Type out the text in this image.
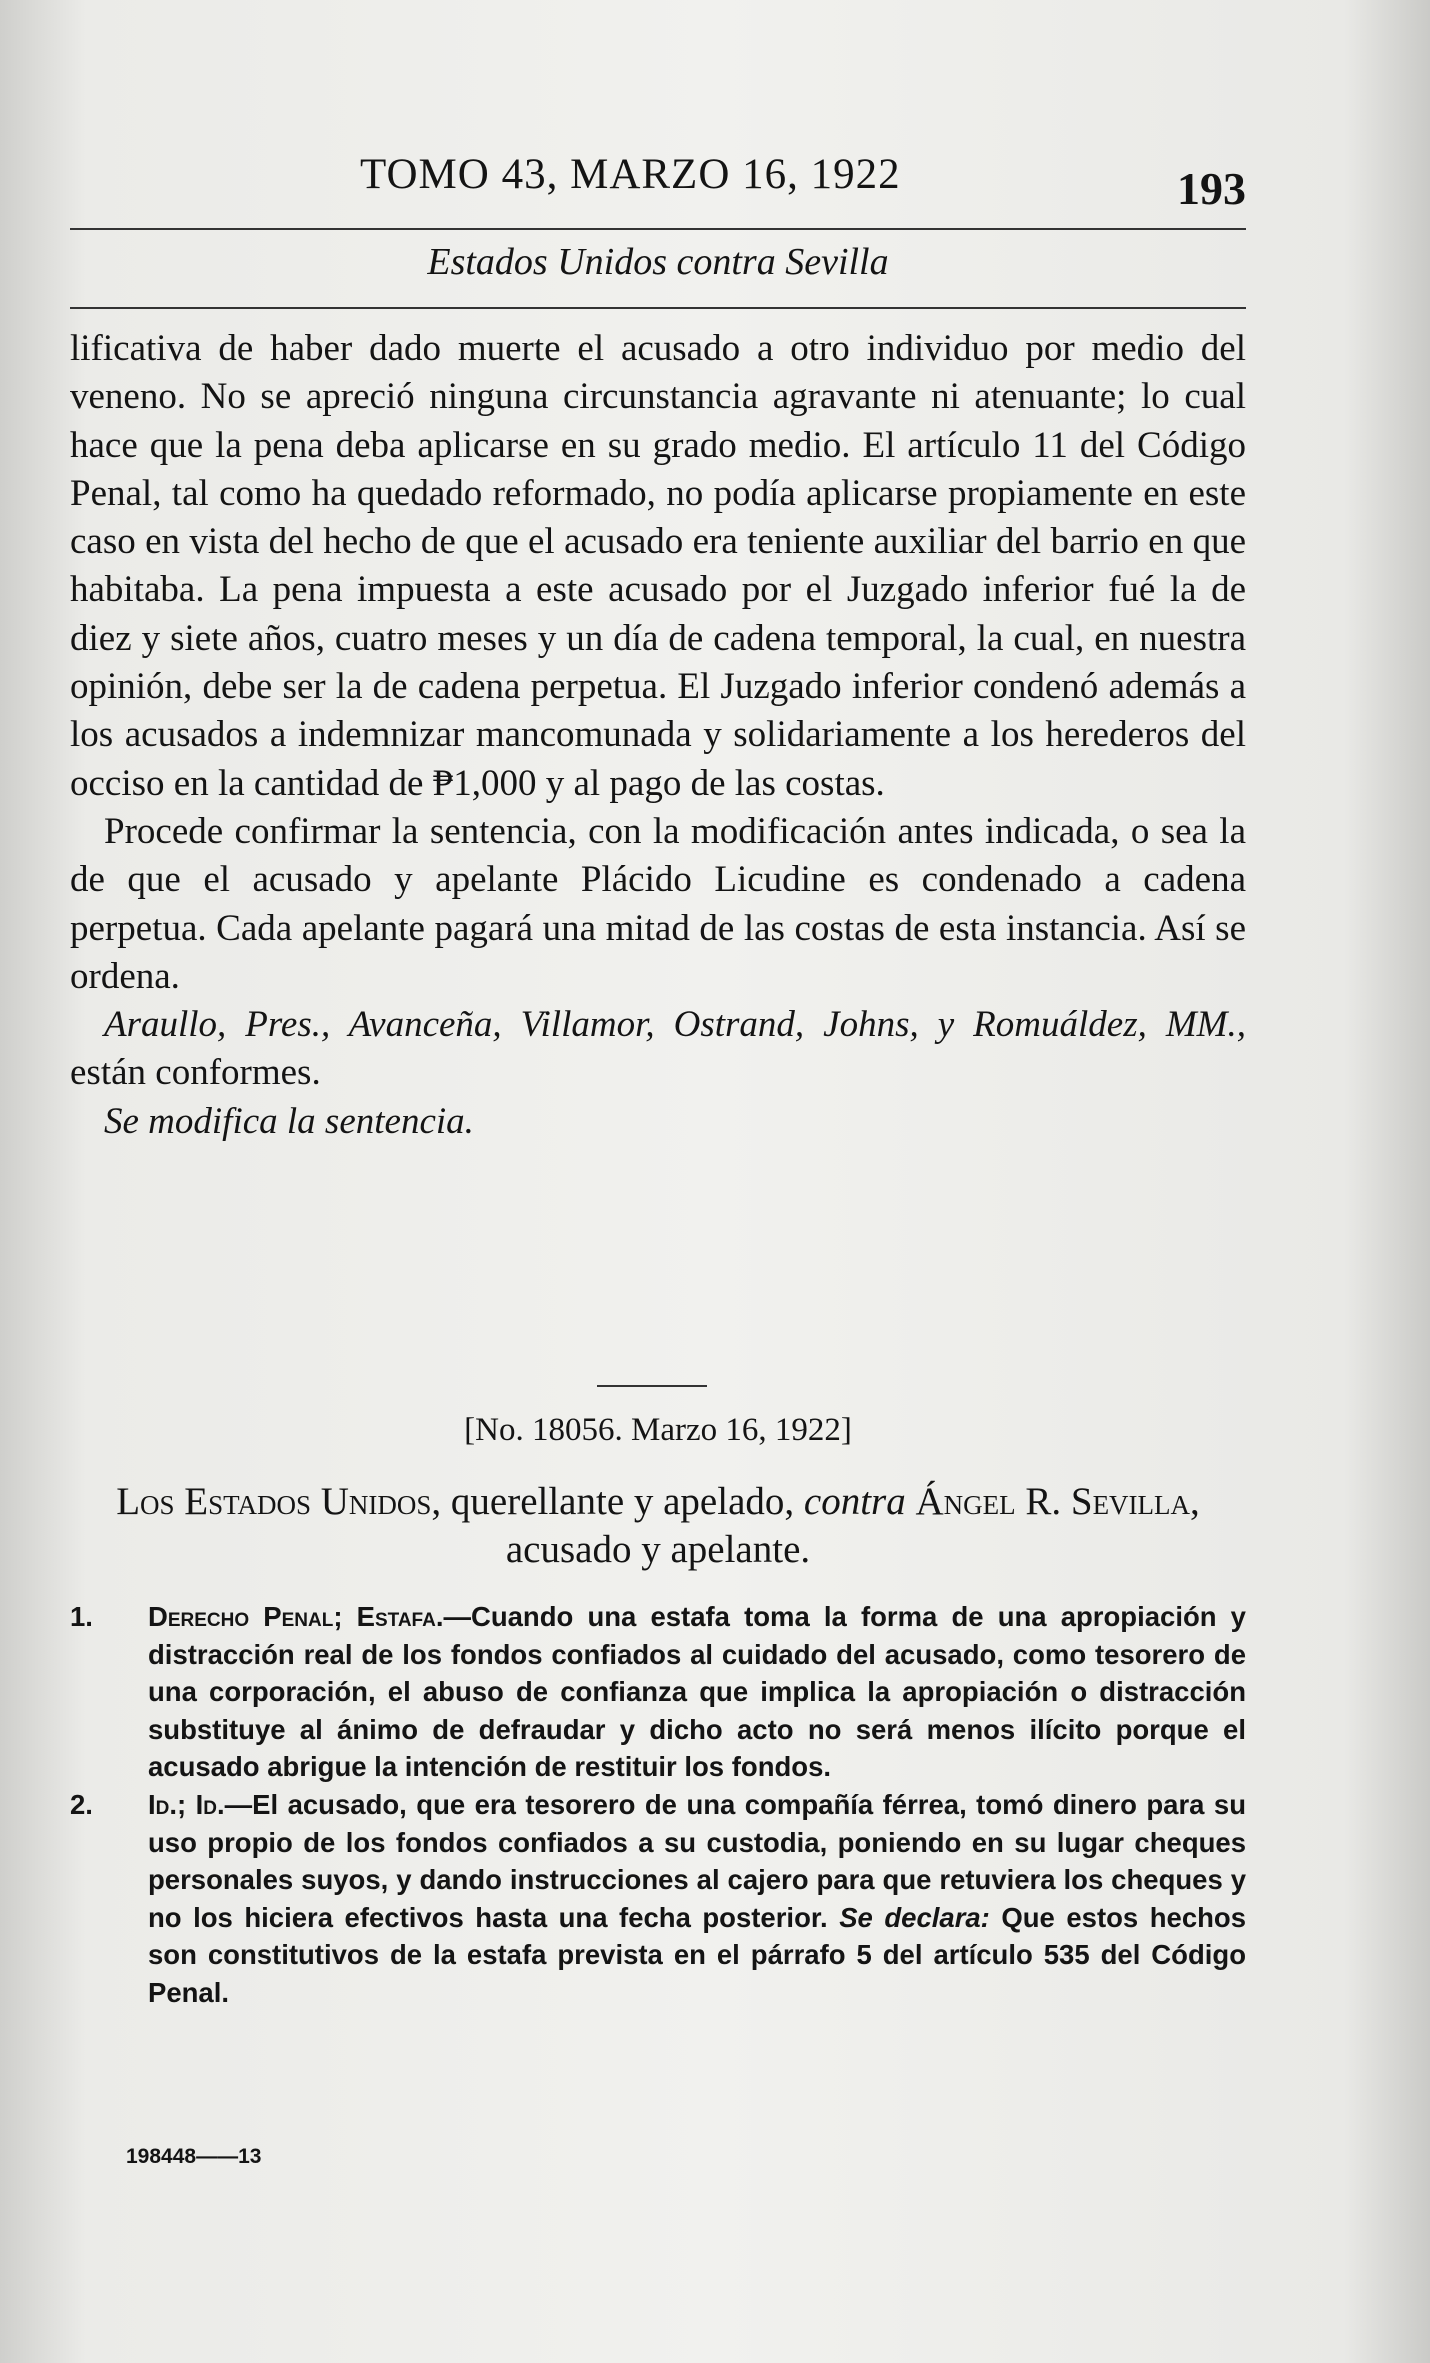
TOMO 43, MARZO 16, 1922	193
Estados Unidos contra Sevilla

lificativa de haber dado muerte el acusado a otro individuo por medio del veneno. No se apreció ninguna circunstancia agravante ni atenuante; lo cual hace que la pena deba aplicarse en su grado medio. El artículo 11 del Código Penal, tal como ha quedado reformado, no podía aplicarse propiamente en este caso en vista del hecho de que el acusado era teniente auxiliar del barrio en que habitaba. La pena impuesta a este acusado por el Juzgado inferior fué la de diez y siete años, cuatro meses y un día de cadena temporal, la cual, en nuestra opinión, debe ser la de cadena perpetua. El Juzgado inferior condenó además a los acusados a indemnizar mancomunada y solidariamente a los herederos del occiso en la cantidad de ₱1,000 y al pago de las costas.

Procede confirmar la sentencia, con la modificación antes indicada, o sea la de que el acusado y apelante Plácido Licudine es condenado a cadena perpetua. Cada apelante pagará una mitad de las costas de esta instancia. Así se ordena.

Araullo, Pres., Avanceña, Villamor, Ostrand, Johns, y Romuáldez, MM., están conformes.

Se modifica la sentencia.

[No. 18056. Marzo 16, 1922]
Los Estados Unidos, querellante y apelado, contra Ángel R. Sevilla, acusado y apelante.
1. Derecho Penal; Estafa.—Cuando una estafa toma la forma de una apropiación y distracción real de los fondos confiados al cuidado del acusado, como tesorero de una corporación, el abuso de confianza que implica la apropiación o distracción substituye al ánimo de defraudar y dicho acto no será menos ilícito porque el acusado abrigue la intención de restituir los fondos.
2. Id.; Id.—El acusado, que era tesorero de una compañía férrea, tomó dinero para su uso propio de los fondos confiados a su custodia, poniendo en su lugar cheques personales suyos, y dando instrucciones al cajero para que retuviera los cheques y no los hiciera efectivos hasta una fecha posterior. Se declara: Que estos hechos son constitutivos de la estafa prevista en el párrafo 5 del artículo 535 del Código Penal.
198448——13
